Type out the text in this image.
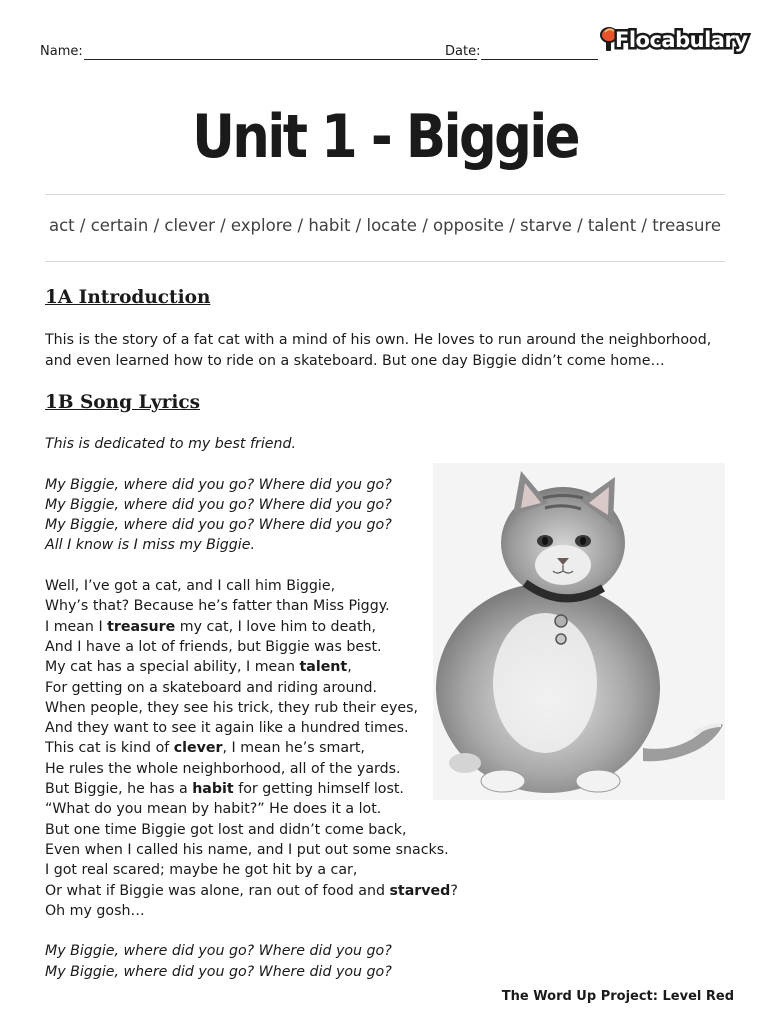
Name:	Date:	Flocabulary
Unit 1 - Biggie
act / certain / clever / explore / habit / locate / opposite / starve / talent / treasure
1A Introduction
This is the story of a fat cat with a mind of his own. He loves to run around the neighborhood, and even learned how to ride on a skateboard. But one day Biggie didn’t come home…
1B Song Lyrics
This is dedicated to my best friend.
My Biggie, where did you go? Where did you go?
My Biggie, where did you go? Where did you go?
My Biggie, where did you go? Where did you go?
All I know is I miss my Biggie.
Well, I’ve got a cat, and I call him Biggie,
Why’s that? Because he’s fatter than Miss Piggy.
I mean I treasure my cat, I love him to death,
And I have a lot of friends, but Biggie was best.
My cat has a special ability, I mean talent,
For getting on a skateboard and riding around.
When people, they see his trick, they rub their eyes,
And they want to see it again like a hundred times.
This cat is kind of clever, I mean he’s smart,
He rules the whole neighborhood, all of the yards.
But Biggie, he has a habit for getting himself lost.
“What do you mean by habit?” He does it a lot.
But one time Biggie got lost and didn’t come back,
Even when I called his name, and I put out some snacks.
I got real scared; maybe he got hit by a car,
Or what if Biggie was alone, ran out of food and starved?
Oh my gosh…
My Biggie, where did you go? Where did you go?
My Biggie, where did you go? Where did you go?
The Word Up Project: Level Red
